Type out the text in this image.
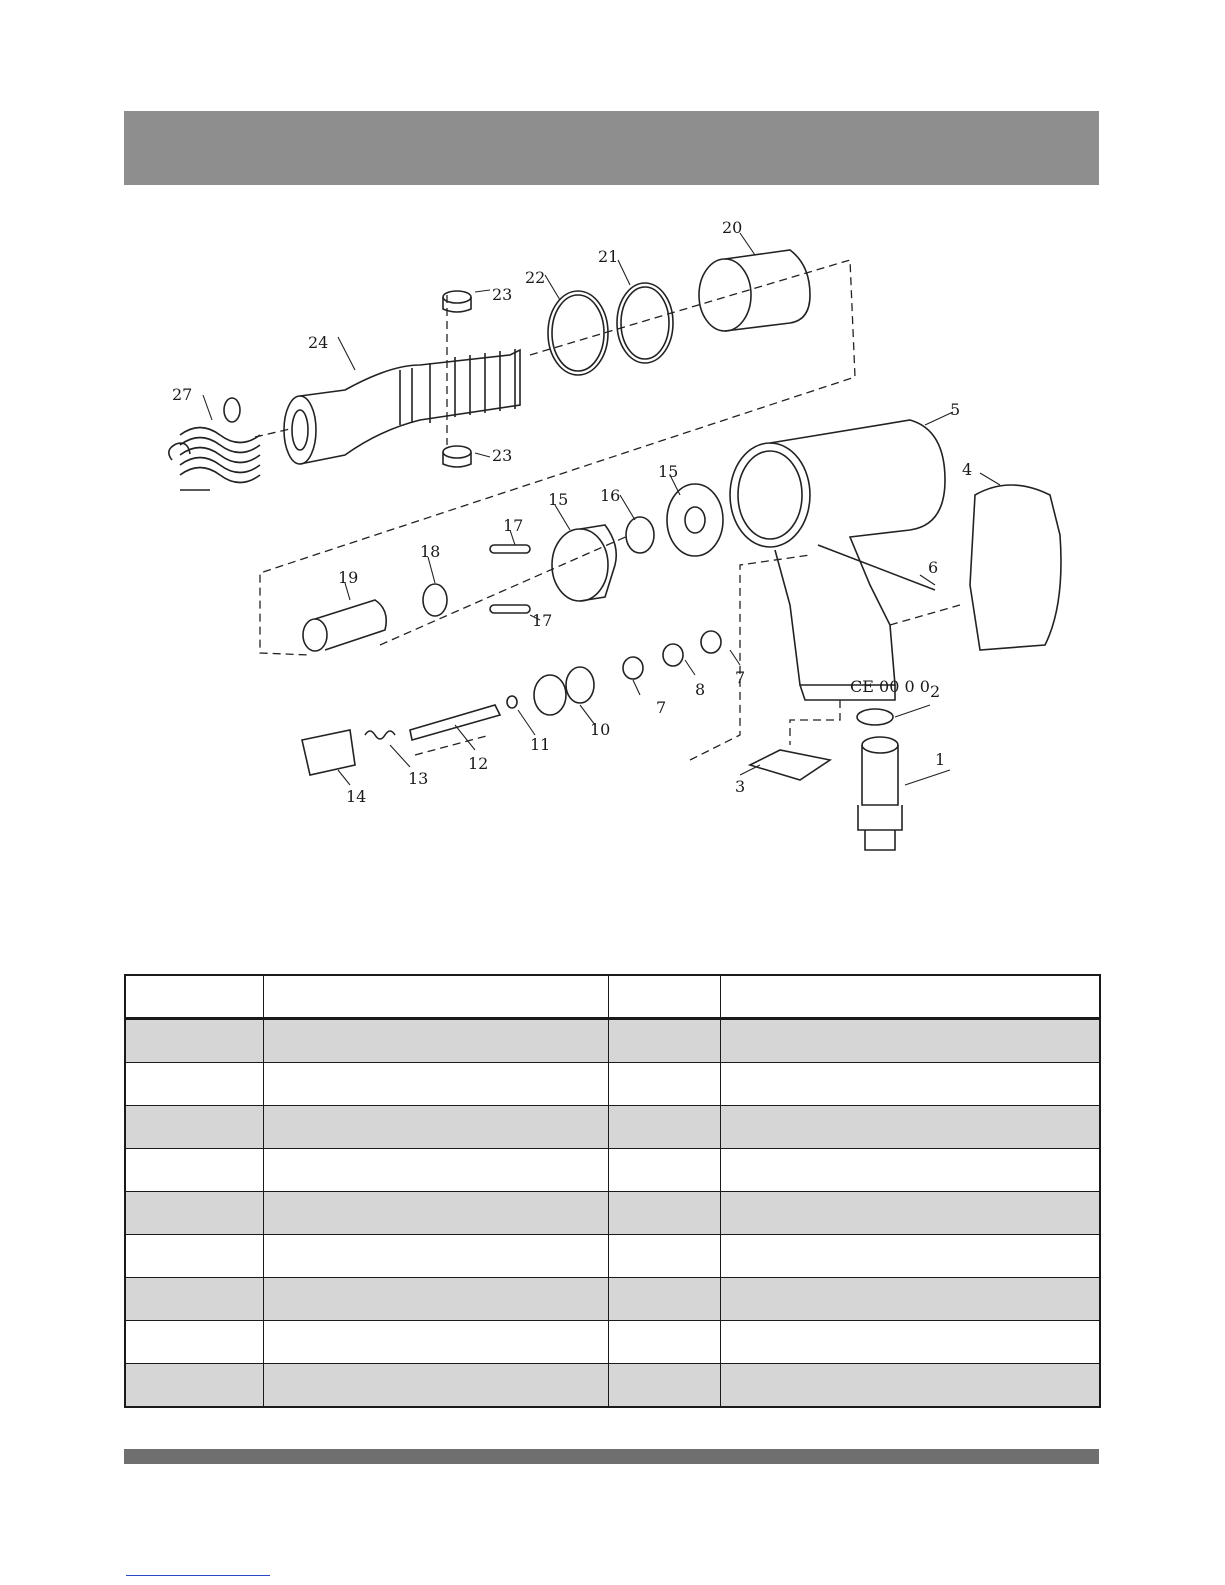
1
2
3
4
5
6
7
7
8
10
11
12
13
14
15
15
16
17
17
18
19
20
21
22
23
23
24
27
CE 00 0 0
